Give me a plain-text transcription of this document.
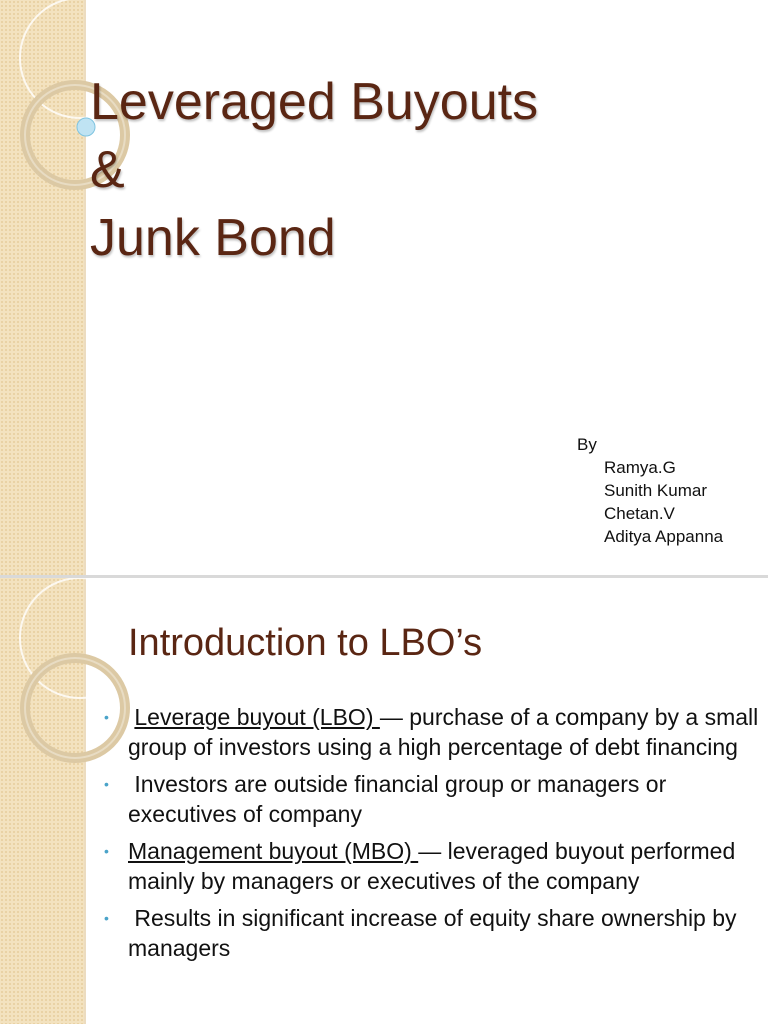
Leveraged Buyouts
&
Junk Bond
By
Ramya.G
Sunith Kumar
Chetan.V
Aditya Appanna
Introduction to LBO’s
• Leverage buyout (LBO) — purchase of a company by a small group of investors using a high percentage of debt financing
• Investors are outside financial group or managers or executives of company
• Management buyout (MBO) — leveraged buyout performed mainly by managers or executives of the company
• Results in significant increase of equity share ownership by managers
